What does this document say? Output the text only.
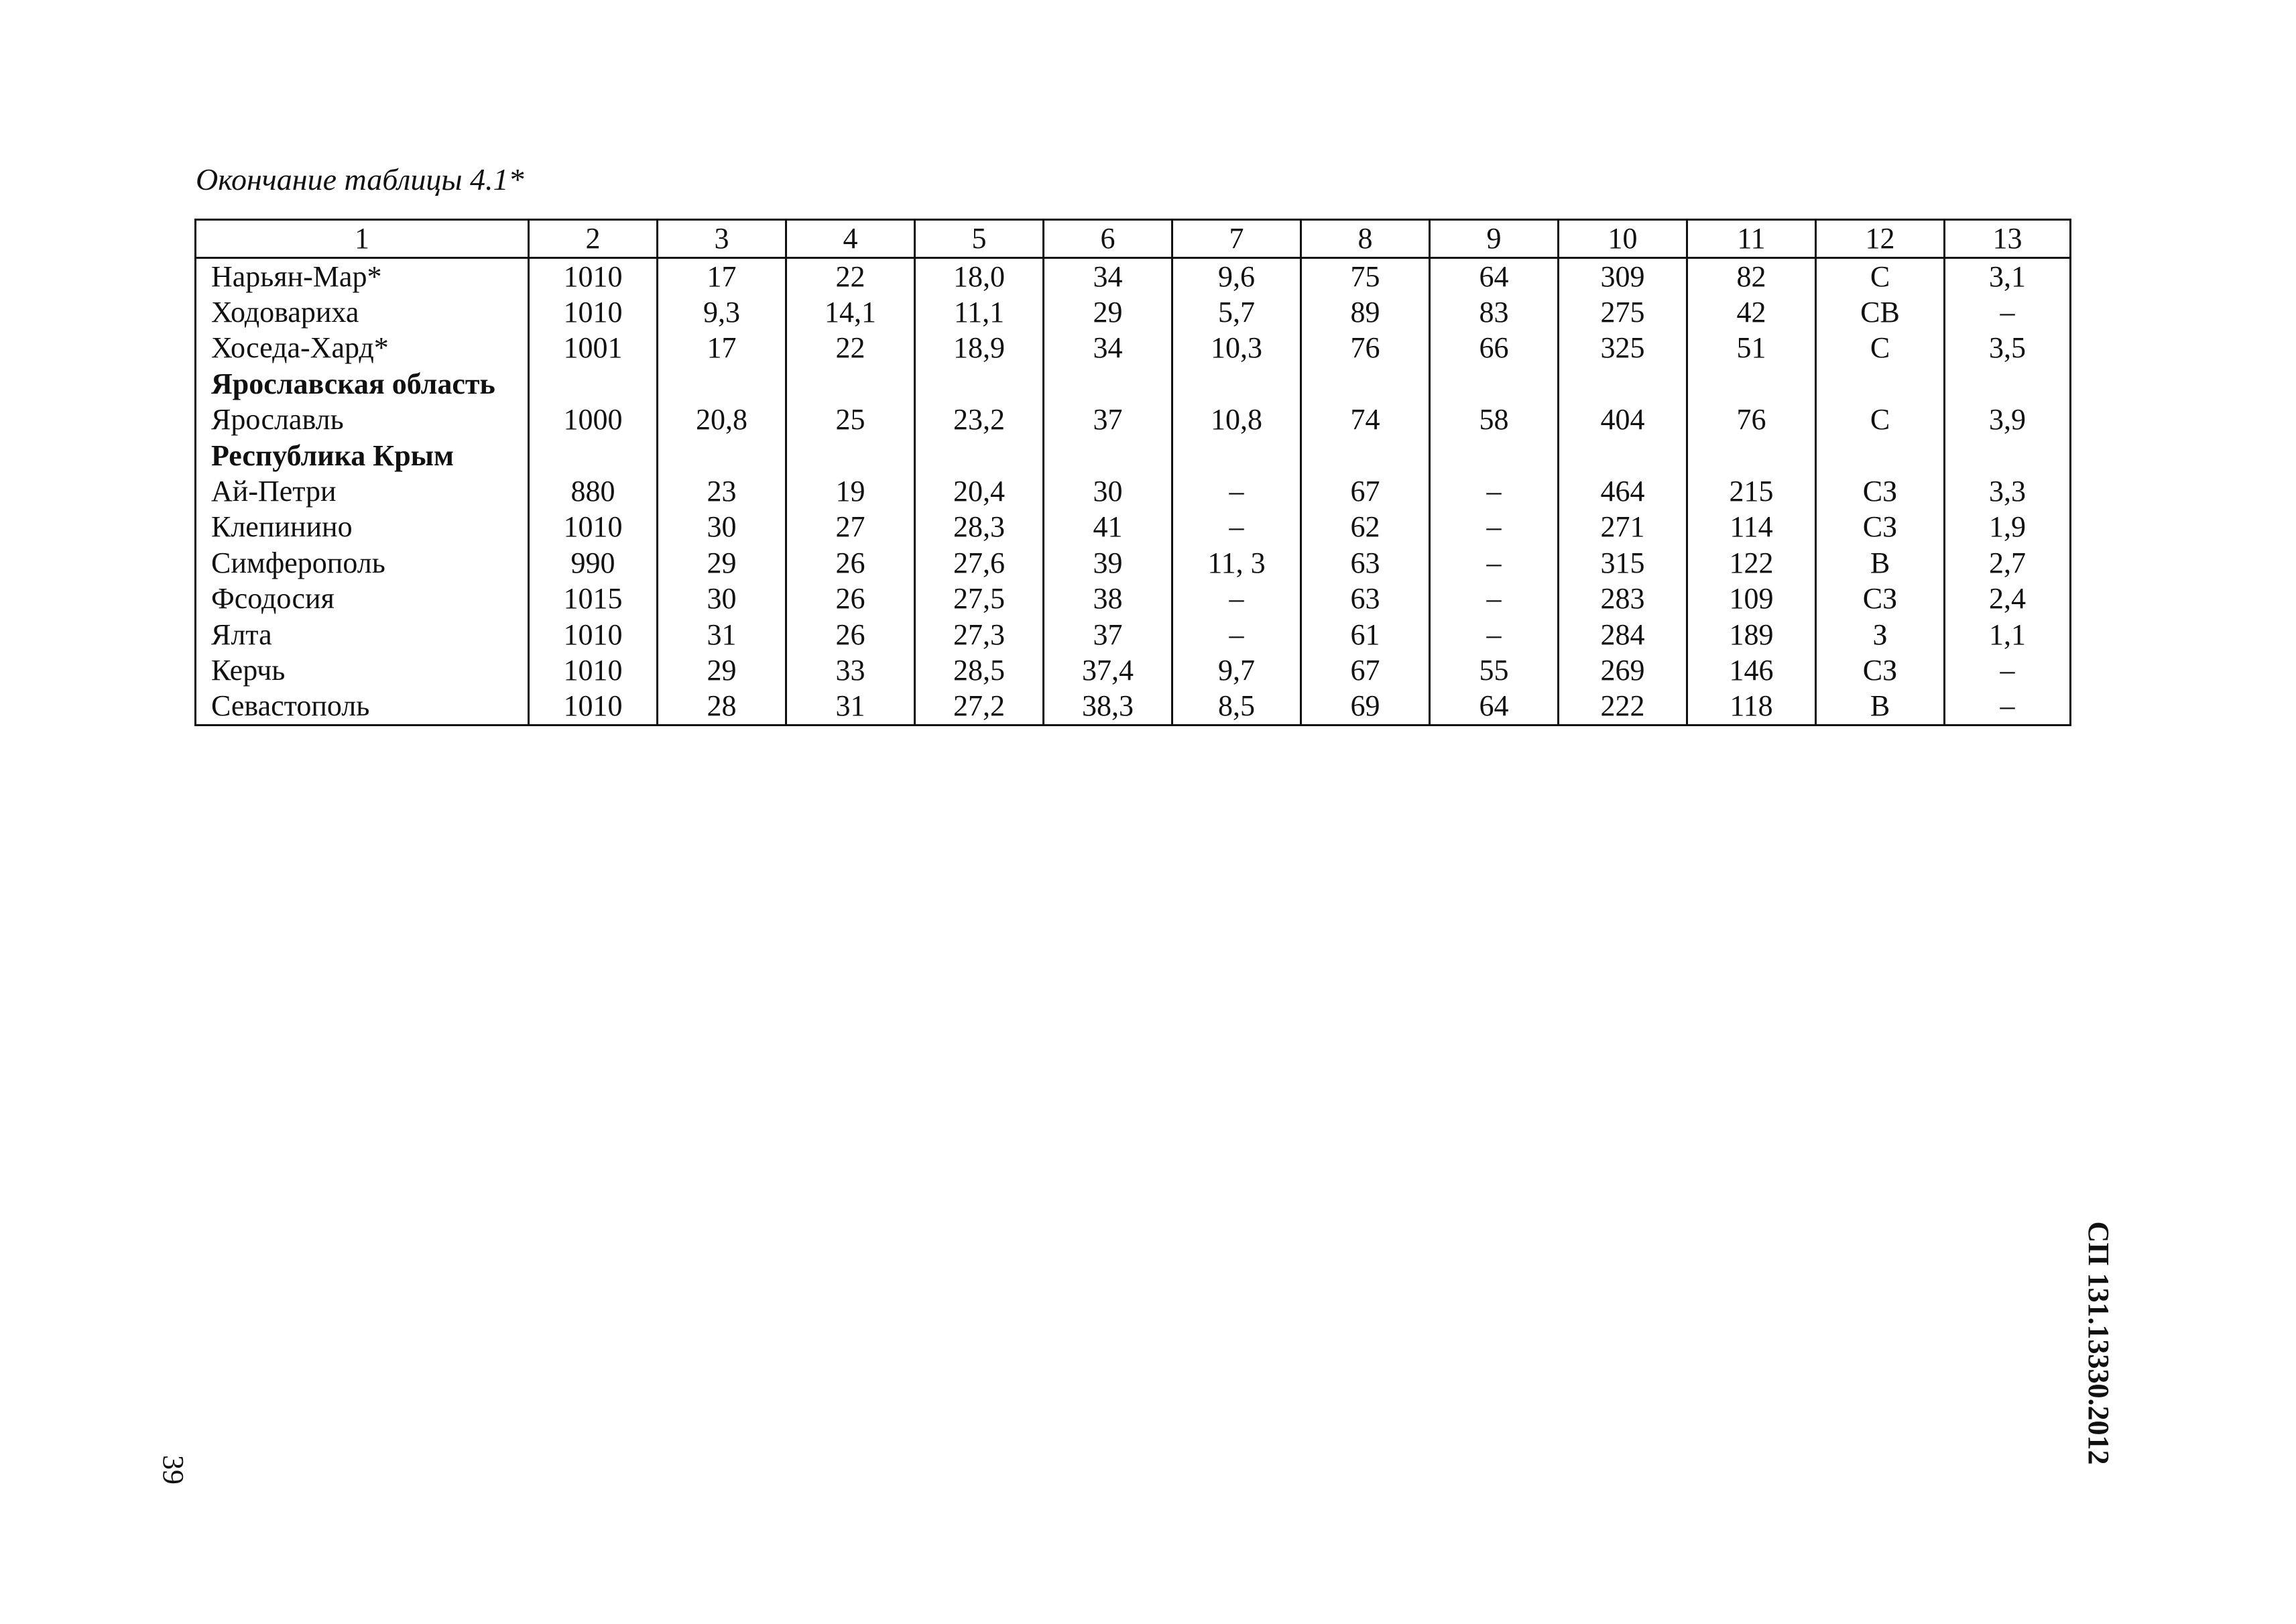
Окончание таблицы 4.1*
1	2	3	4	5	6	7	8	9	10	11	12	13
Нарьян-Мар*	1010	17	22	18,0	34	9,6	75	64	309	82	С	3,1
Ходовариха	1010	9,3	14,1	11,1	29	5,7	89	83	275	42	СВ	–
Хоседа-Хард*	1001	17	22	18,9	34	10,3	76	66	325	51	С	3,5
Ярославская область												
Ярославль	1000	20,8	25	23,2	37	10,8	74	58	404	76	С	3,9
Республика Крым												
Ай-Петри	880	23	19	20,4	30	–	67	–	464	215	СЗ	3,3
Клепинино	1010	30	27	28,3	41	–	62	–	271	114	СЗ	1,9
Симферополь	990	29	26	27,6	39	11, 3	63	–	315	122	В	2,7
Фсодосия	1015	30	26	27,5	38	–	63	–	283	109	СЗ	2,4
Ялта	1010	31	26	27,3	37	–	61	–	284	189	З	1,1
Керчь	1010	29	33	28,5	37,4	9,7	67	55	269	146	СЗ	–
Севастополь	1010	28	31	27,2	38,3	8,5	69	64	222	118	В	–
39
СП 131.13330.2012
